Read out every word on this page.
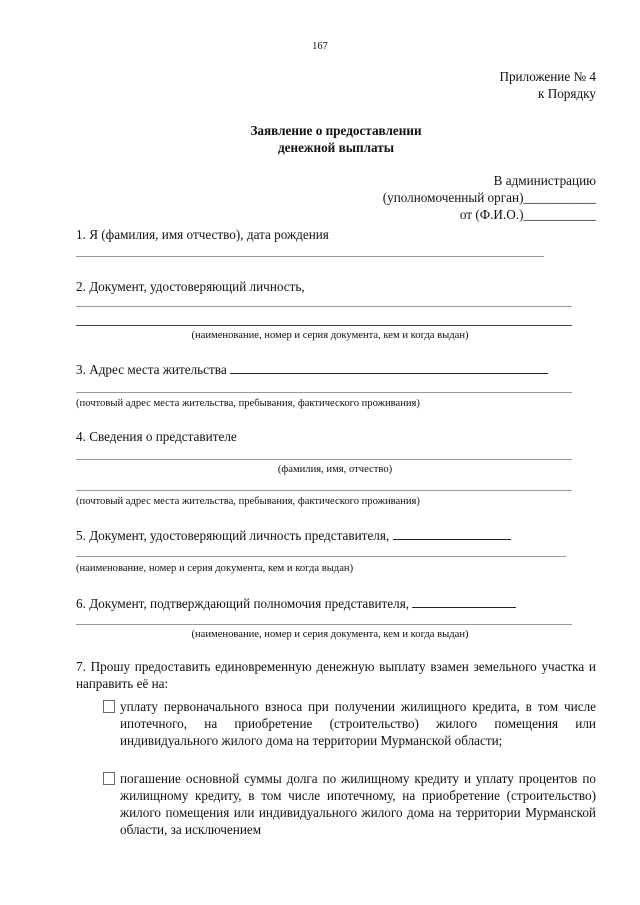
167
Приложение № 4
к Порядку
Заявление о предоставлении
денежной выплаты
В администрацию
(уполномоченный орган)___________
от (Ф.И.О.)___________
1. Я (фамилия, имя отчество), дата рождения
2. Документ, удостоверяющий личность,
(наименование, номер и серия документа, кем и когда выдан)
3. Адрес места жительства
(почтовый адрес места жительства, пребывания, фактического проживания)
4. Сведения о представителе
(фамилия, имя, отчество)
(почтовый адрес места жительства, пребывания, фактического проживания)
5. Документ, удостоверяющий личность представителя,
(наименование, номер и серия документа, кем и когда выдан)
6. Документ, подтверждающий полномочия представителя,
(наименование, номер и серия документа, кем и когда выдан)
7. Прошу предоставить единовременную денежную выплату взамен земельного участка и направить её на:
уплату первоначального взноса при получении жилищного кредита, в том числе ипотечного, на приобретение (строительство) жилого помещения или индивидуального жилого дома на территории Мурманской области;
погашение основной суммы долга по жилищному кредиту и уплату процентов по жилищному кредиту, в том числе ипотечному, на приобретение (строительство) жилого помещения или индивидуального жилого дома на территории Мурманской области, за исключением
